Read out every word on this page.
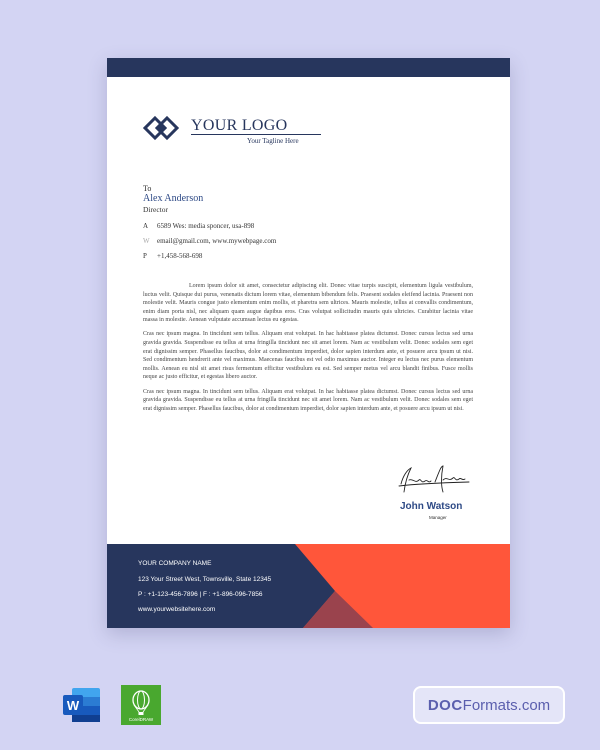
YOUR LOGO
Your Tagline Here
To
Alex Anderson
Director
A 6589 Wes: media sponcer, usa-898
W email@gmail.com, www.mywebpage.com
P +1,458-568-698

Lorem ipsum dolor sit amet, consectetur adipiscing elit. Donec vitae turpis suscipit, elementum ligula vestibulum, luctus velit. Quisque dui purus, venenatis dictum lorem vitae, elementum bibendum felis. Praesent sodales eleifend lacinia. Praesent non molestie velit. Mauris congue justo elementum enim mollis, et pharetra sem ultrices. Mauris molestie, tellus at convallis condimentum, enim diam porta nisl, nec aliquam quam augue dapibus eros. Cras volutpat sollicitudin mauris quis ultricies. Curabitur lacinia vitae massa in molestie. Aenean vulputate accumsan lectus eu egestas.

Cras nec ipsum magna. In tincidunt sem tellus. Aliquam erat volutpat. In hac habitasse platea dictumst. Donec cursus lectus sed urna gravida gravida. Suspendisse eu tellus at urna fringilla tincidunt nec sit amet lorem. Nam ac vestibulum velit. Donec sodales sem eget erat dignissim semper. Phasellus faucibus, dolor at condimentum imperdiet, dolor sapien interdum ante, et posuere arcu ipsum ut nisi. Sed condimentum hendrerit ante vel maximus. Maecenas faucibus est vel odio maximus auctor. Integer eu lectus nec purus elementum mollis. Aenean eu nisl sit amet risus fermentum efficitur vestibulum eu est. Sed semper metus vel arcu blandit finibus. Fusce mollis neque ac justo efficitur, et egestas libero auctor.

Cras nec ipsum magna. In tincidunt sem tellus. Aliquam erat volutpat. In hac habitasse platea dictumst. Donec cursus lectus sed urna gravida gravida. Suspendisse eu tellus at urna fringilla tincidunt nec sit amet lorem. Nam ac vestibulum velit. Donec sodales sem eget erat dignissim semper. Phasellus faucibus, dolor at condimentum imperdiet, dolor sapien interdum ante, et posuere arcu ipsum ut nisi.

John Watson
Manager
YOUR COMPANY NAME
123 Your Street West, Townsville, State 12345
P : +1-123-456-7896 | F : +1-896-096-7856
www.yourwebsitehere.com
W
CorelDRAW
DOCFormats.com
